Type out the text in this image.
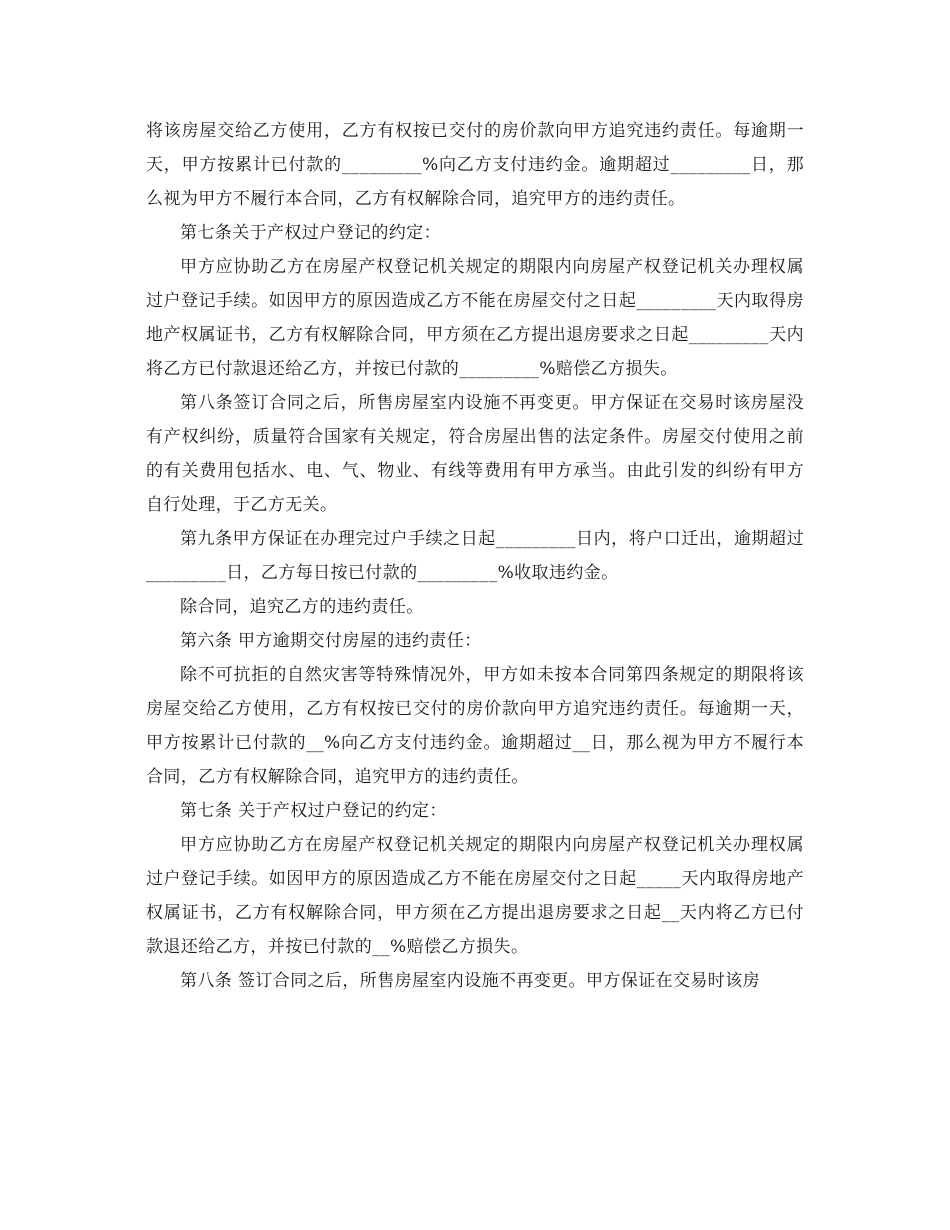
将该房屋交给乙方使用，乙方有权按已交付的房价款向甲方追究违约责任。每逾期一天，甲方按累计已付款的_________%向乙方支付违约金。逾期超过_________日，那么视为甲方不履行本合同，乙方有权解除合同，追究甲方的违约责任。

第七条关于产权过户登记的约定：

甲方应协助乙方在房屋产权登记机关规定的期限内向房屋产权登记机关办理权属过户登记手续。如因甲方的原因造成乙方不能在房屋交付之日起_________天内取得房地产权属证书，乙方有权解除合同，甲方须在乙方提出退房要求之日起_________天内将乙方已付款退还给乙方，并按已付款的_________%赔偿乙方损失。

第八条签订合同之后，所售房屋室内设施不再变更。甲方保证在交易时该房屋没有产权纠纷，质量符合国家有关规定，符合房屋出售的法定条件。房屋交付使用之前的有关费用包括水、电、气、物业、有线等费用有甲方承当。由此引发的纠纷有甲方自行处理，于乙方无关。

第九条甲方保证在办理完过户手续之日起_________日内，将户口迁出，逾期超过_________日，乙方每日按已付款的_________%收取违约金。

除合同，追究乙方的违约责任。

第六条 甲方逾期交付房屋的违约责任：

除不可抗拒的自然灾害等特殊情况外，甲方如未按本合同第四条规定的期限将该房屋交给乙方使用，乙方有权按已交付的房价款向甲方追究违约责任。每逾期一天，甲方按累计已付款的__%向乙方支付违约金。逾期超过__日，那么视为甲方不履行本合同，乙方有权解除合同，追究甲方的违约责任。

第七条 关于产权过户登记的约定：

甲方应协助乙方在房屋产权登记机关规定的期限内向房屋产权登记机关办理权属过户登记手续。如因甲方的原因造成乙方不能在房屋交付之日起_____天内取得房地产权属证书，乙方有权解除合同，甲方须在乙方提出退房要求之日起__天内将乙方已付款退还给乙方，并按已付款的__%赔偿乙方损失。

第八条 签订合同之后，所售房屋室内设施不再变更。甲方保证在交易时该房
